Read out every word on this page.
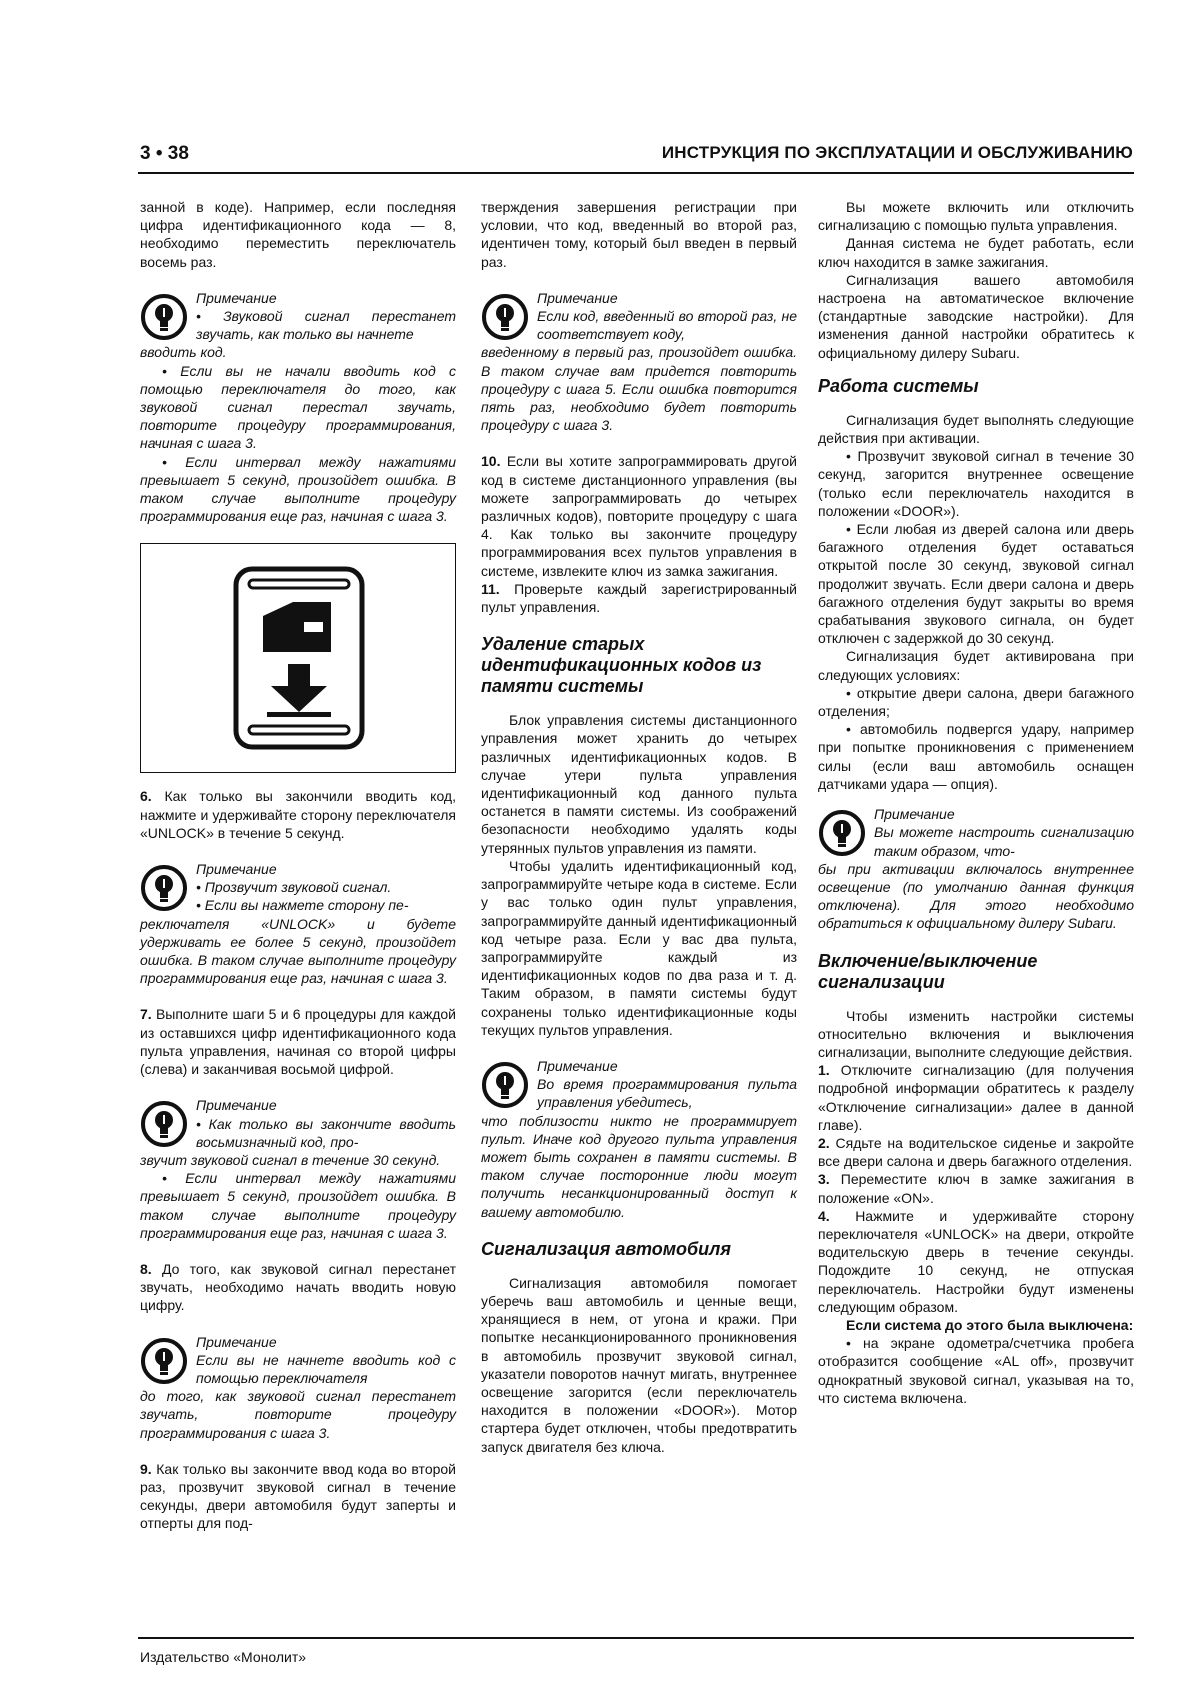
3 • 38	ИНСТРУКЦИЯ ПО ЭКСПЛУАТАЦИИ И ОБСЛУЖИВАНИЮ

занной в коде). Например, если последняя цифра идентификационного кода — 8, необходимо переместить переключатель восемь раз.

Примечание
• Звуковой сигнал перестанет звучать, как только вы начнете

вводить код.

• Если вы не начали вводить код с помощью переключателя до того, как звуковой сигнал перестал звучать, повторите процедуру программирования, начиная с шага 3.

• Если интервал между нажатиями превышает 5 секунд, произойдет ошибка. В таком случае выполните процедуру программирования еще раз, начиная с шага 3.

6. Как только вы закончили вводить код, нажмите и удерживайте сторону переключателя «UNLOCK» в течение 5 секунд.

Примечание
• Прозвучит звуковой сигнал.
• Если вы нажмете сторону пе-

реключателя «UNLOCK» и будете удерживать ее более 5 секунд, произойдет ошибка. В таком случае выполните процедуру программирования еще раз, начиная с шага 3.

7. Выполните шаги 5 и 6 процедуры для каждой из оставшихся цифр идентификационного кода пульта управления, начиная со второй цифры (слева) и заканчивая восьмой цифрой.

Примечание
• Как только вы закончите вводить восьмизначный код, про-

звучит звуковой сигнал в течение 30 секунд.

• Если интервал между нажатиями превышает 5 секунд, произойдет ошибка. В таком случае выполните процедуру программирования еще раз, начиная с шага 3.

8. До того, как звуковой сигнал перестанет звучать, необходимо начать вводить новую цифру.

Примечание
Если вы не начнете вводить код с помощью переключателя

до того, как звуковой сигнал перестанет звучать, повторите процедуру программирования с шага 3.

9. Как только вы закончите ввод кода во второй раз, прозвучит звуковой сигнал в течение секунды, двери автомобиля будут заперты и отперты для под-

тверждения завершения регистрации при условии, что код, введенный во второй раз, идентичен тому, который был введен в первый раз.

Примечание
Если код, введенный во второй раз, не соответствует коду,

введенному в первый раз, произойдет ошибка. В таком случае вам придется повторить процедуру с шага 5. Если ошибка повторится пять раз, необходимо будет повторить процедуру с шага 3.

10. Если вы хотите запрограммировать другой код в системе дистанционного управления (вы можете запрограммировать до четырех различных кодов), повторите процедуру с шага 4. Как только вы закончите процедуру программирования всех пультов управления в системе, извлеките ключ из замка зажигания.

11. Проверьте каждый зарегистрированный пульт управления.

Удаление старых идентификационных кодов из памяти системы

Блок управления системы дистанционного управления может хранить до четырех различных идентификационных кодов. В случае утери пульта управления идентификационный код данного пульта останется в памяти системы. Из соображений безопасности необходимо удалять коды утерянных пультов управления из памяти.

Чтобы удалить идентификационный код, запрограммируйте четыре кода в системе. Если у вас только один пульт управления, запрограммируйте данный идентификационный код четыре раза. Если у вас два пульта, запрограммируйте каждый из идентификационных кодов по два раза и т. д. Таким образом, в памяти системы будут сохранены только идентификационные коды текущих пультов управления.

Примечание
Во время программирования пульта управления убедитесь,

что поблизости никто не программирует пульт. Иначе код другого пульта управления может быть сохранен в памяти системы. В таком случае посторонние люди могут получить несанкционированный доступ к вашему автомобилю.

Сигнализация автомобиля

Сигнализация автомобиля помогает уберечь ваш автомобиль и ценные вещи, хранящиеся в нем, от угона и кражи. При попытке несанкционированного проникновения в автомобиль прозвучит звуковой сигнал, указатели поворотов начнут мигать, внутреннее освещение загорится (если переключатель находится в положении «DOOR»). Мотор стартера будет отключен, чтобы предотвратить запуск двигателя без ключа.

Вы можете включить или отключить сигнализацию с помощью пульта управления.

Данная система не будет работать, если ключ находится в замке зажигания.

Сигнализация вашего автомобиля настроена на автоматическое включение (стандартные заводские настройки). Для изменения данной настройки обратитесь к официальному дилеру Subaru.

Работа системы

Сигнализация будет выполнять следующие действия при активации.

• Прозвучит звуковой сигнал в течение 30 секунд, загорится внутреннее освещение (только если переключатель находится в положении «DOOR»).

• Если любая из дверей салона или дверь багажного отделения будет оставаться открытой после 30 секунд, звуковой сигнал продолжит звучать. Если двери салона и дверь багажного отделения будут закрыты во время срабатывания звукового сигнала, он будет отключен с задержкой до 30 секунд.

Сигнализация будет активирована при следующих условиях:

• открытие двери салона, двери багажного отделения;

• автомобиль подвергся удару, например при попытке проникновения с применением силы (если ваш автомобиль оснащен датчиками удара — опция).

Примечание
Вы можете настроить сигнализацию таким образом, что-

бы при активации включалось внутреннее освещение (по умолчанию данная функция отключена). Для этого необходимо обратиться к официальному дилеру Subaru.

Включение/выключение сигнализации

Чтобы изменить настройки системы относительно включения и выключения сигнализации, выполните следующие действия.

1. Отключите сигнализацию (для получения подробной информации обратитесь к разделу «Отключение сигнализации» далее в данной главе).

2. Сядьте на водительское сиденье и закройте все двери салона и дверь багажного отделения.

3. Переместите ключ в замке зажигания в положение «ON».

4. Нажмите и удерживайте сторону переключателя «UNLOCK» на двери, откройте водительскую дверь в течение секунды. Подождите 10 секунд, не отпуская переключатель. Настройки будут изменены следующим образом.

Если система до этого была выключена:

• на экране одометра/счетчика пробега отобразится сообщение «AL off», прозвучит однократный звуковой сигнал, указывая на то, что система включена.

Издательство «Монолит»
